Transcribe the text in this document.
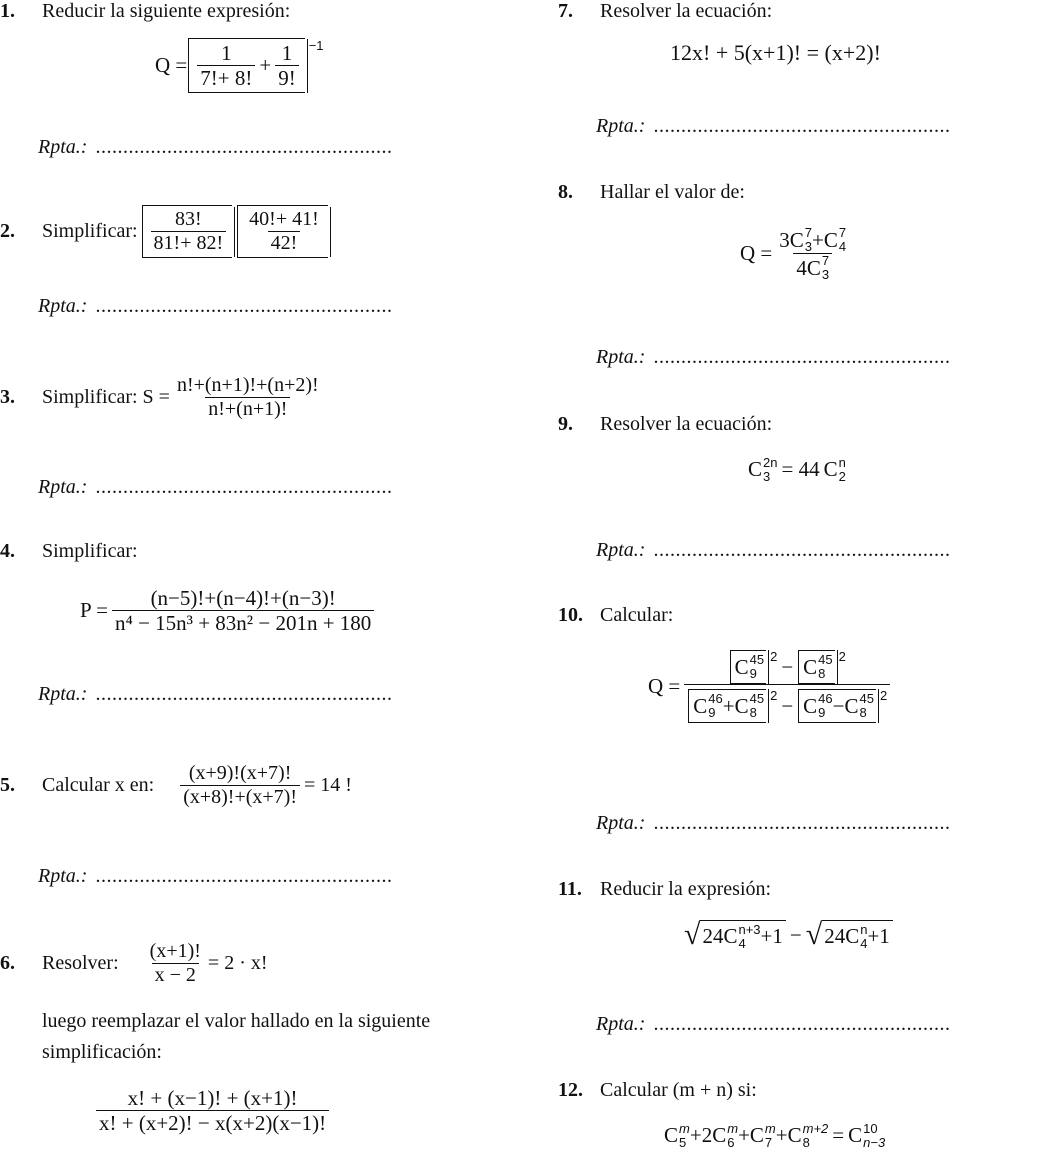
1. Reducir la siguiente expresión:
$Q = \frac{1}{7!+ 8!} + \frac{1}{9!} -1$
Rpta.: ......................................................
2.	Simplificar: $\frac{83!}{81!+ 82!} \frac{40!+ 41!}{42!}$
Rpta.: ......................................................
3.	Simplificar: $S = \frac{n!+(n+1)!+(n+2)!}{n!+(n+1)!}$
Rpta.: ......................................................
4. Simplificar:
$P = \frac{(n-5)!+(n-4)!+(n-3)!}{\text{n⁴ − 15n³ + 83n² − 201n + 180}}$
Rpta.: ......................................................
5.	Calcular x en: $\frac{(x+9)!(x+7)!}{(x+8)!+(x+7)!} = 14$ !
Rpta.: ......................................................
6.	Resolver: $\frac{(x+1)!}{x - 2} = 2 \cdot x$!
luego reemplazar el valor hallado en la siguiente
simplificación:
$\frac{x! + (x-1)! + (x+1)!}{x! + (x+2)! - x(x+2)(x-1)!}$
7. Resolver la ecuación:
12x! + 5(x+1)! = (x+2)!
Rpta.: ......................................................
8. Hallar el valor de:
Q = 3 C 7
3 + C 7
4
4 C 7
3
Rpta.: ......................................................
9. Resolver la ecuación:
C 2n
3 = 44 C n
2
Rpta.: ......................................................
10. Calcular:
Q = C 45
9
2 − C 45
8
2
C 46
9 + C 45
8
2 − C 46
9 − C 45
8
2
Rpta.: ......................................................
11. Reducir la expresión:
√ 24 C n+3
4 +1 − √ 24 C n
4 +1
Rpta.: ......................................................
12. Calcular (m + n) si:
C m
5 + 2 C m
6 + C m
7 + C m+2
8	= C 10
n−3
